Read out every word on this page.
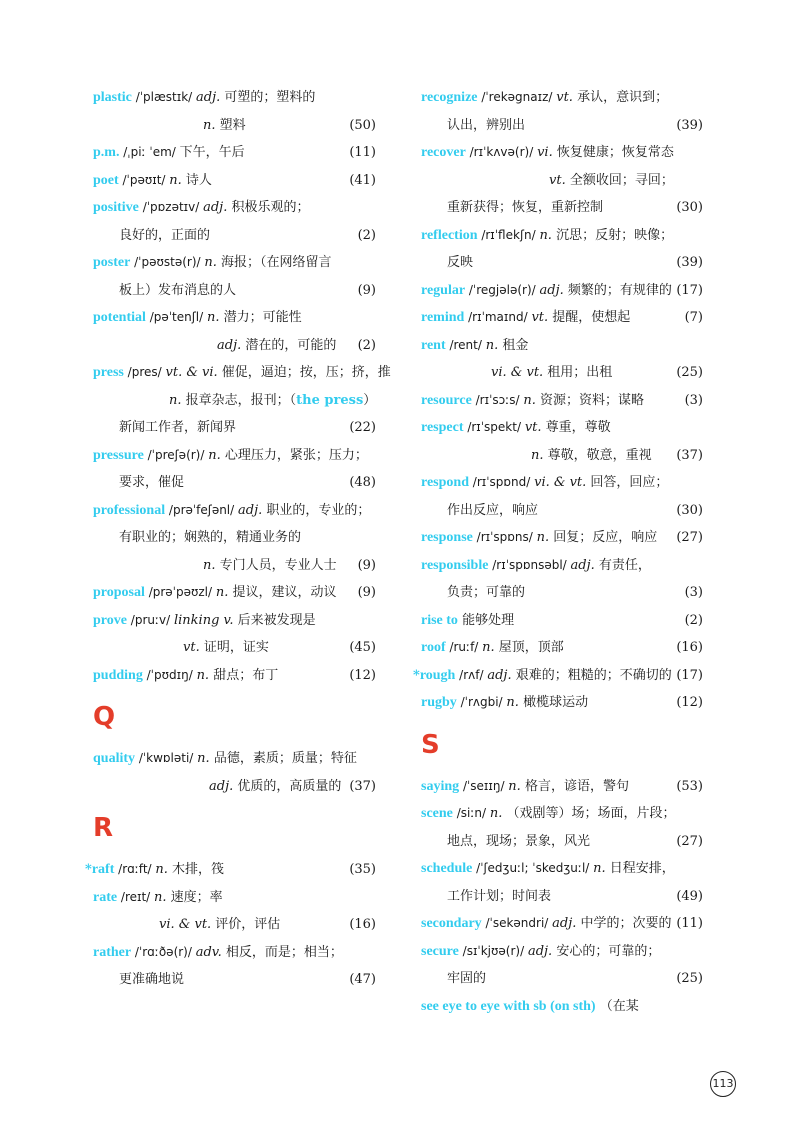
plastic /ˈplæstɪk/ adj. 可塑的；塑料的
n. 塑料	(50)
p.m. /ˌpiː ˈem/ 下午，午后	(11)
poet /ˈpəʊɪt/ n. 诗人	(41)
positive /ˈpɒzətɪv/ adj. 积极乐观的；
良好的，正面的	(2)
poster /ˈpəʊstə(r)/ n. 海报；（在网络留言
板上）发布消息的人	(9)
potential /pəˈtenʃl/ n. 潜力；可能性
adj. 潜在的，可能的 (2)
press /pres/ vt. & vi. 催促，逼迫；按，压；挤，推
n. 报章杂志，报刊；（the press）
新闻工作者，新闻界	(22)
pressure /ˈpreʃə(r)/ n. 心理压力，紧张；压力；
要求，催促	(48)
professional /prəˈfeʃənl/ adj. 职业的，专业的；
有职业的；娴熟的，精通业务的
n. 专门人员，专业人士 (9)
proposal /prəˈpəʊzl/ n. 提议，建议，动议 (9)
prove /pruːv/ linking v. 后来被发现是
vt. 证明，证实	(45)
pudding /ˈpʊdɪŋ/ n. 甜点；布丁	(12)
Q
quality /ˈkwɒləti/ n. 品德，素质；质量；特征
adj. 优质的，高质量的 (37)
R
*raft /rɑːft/ n. 木排，筏	(35)
rate /reɪt/ n. 速度；率
vi. & vt. 评价，评估	(16)
rather /ˈrɑːðə(r)/ adv. 相反，而是；相当；
更准确地说	(47)
recognize /ˈrekəgnaɪz/ vt. 承认，意识到；
认出，辨别出	(39)
recover /rɪˈkʌvə(r)/ vi. 恢复健康；恢复常态
vt. 全额收回；寻回；
重新获得；恢复，重新控制	(30)
reflection /rɪˈflekʃn/ n. 沉思；反射；映像；
反映	(39)
regular /ˈregjələ(r)/ adj. 频繁的；有规律的 (17)
remind /rɪˈmaɪnd/ vt. 提醒，使想起	(7)
rent /rent/ n. 租金
vi. & vt. 租用；出租	(25)
resource /rɪˈsɔːs/ n. 资源；资料；谋略	(3)
respect /rɪˈspekt/ vt. 尊重，尊敬
n. 尊敬，敬意，重视 (37)
respond /rɪˈspɒnd/ vi. & vt. 回答，回应；
作出反应，响应	(30)
response /rɪˈspɒns/ n. 回复；反应，响应 (27)
responsible /rɪˈspɒnsəbl/ adj. 有责任，
负责；可靠的	(3)
rise to 能够处理	(2)
roof /ruːf/ n. 屋顶，顶部	(16)
*rough /rʌf/ adj. 艰难的；粗糙的；不确切的 (17)
rugby /ˈrʌgbi/ n. 橄榄球运动	(12)
S
saying /ˈseɪɪŋ/ n. 格言，谚语，警句	(53)
scene /siːn/ n. （戏剧等）场；场面，片段；
地点，现场；景象，风光	(27)
schedule /ˈʃedʒuːl; ˈskedʒuːl/ n. 日程安排，
工作计划；时间表	(49)
secondary /ˈsekəndri/ adj. 中学的；次要的 (11)
secure /sɪˈkjʊə(r)/ adj. 安心的；可靠的；
牢固的	(25)
see eye to eye with sb (on sth) （在某
113
